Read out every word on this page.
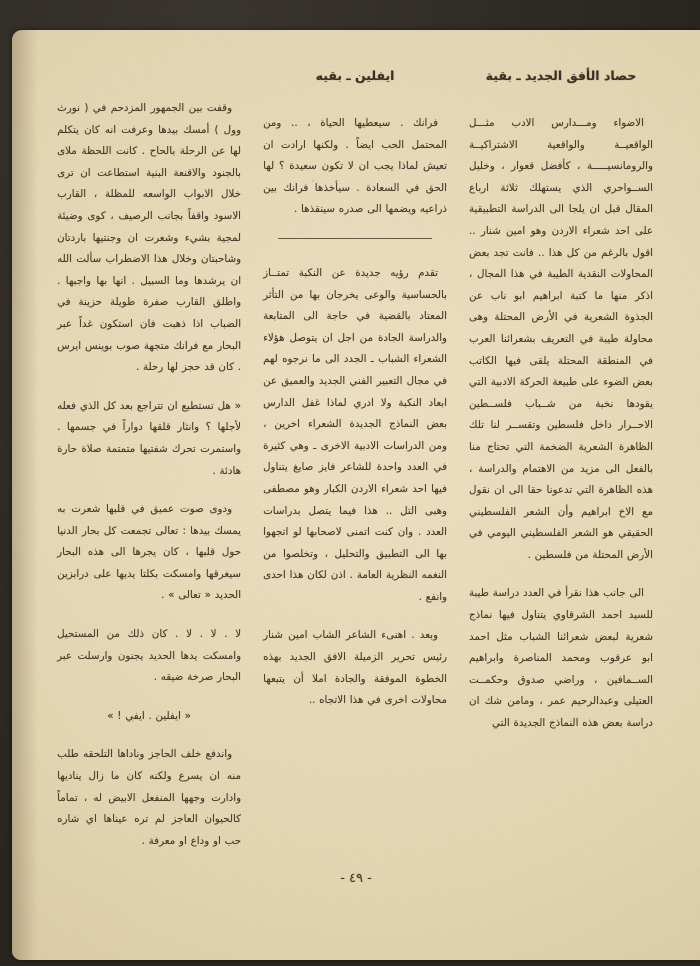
حصاد الأفق الجديد ـ بقية

الاضواء ومـــدارس الادب مثـــل الواقعيــة والواقعية الاشتراكيــة والرومانسيـــــة ، كأفضل قعوار ، وخليل الســواحري الذي يستهلك ثلاثة ارباع المقال قبل ان يلجا الى الدراسة التطبيقية على احد شعراء الاردن وهو امين شنار .. اقول بالرغم من كل هذا .. فانت تجد بعض المحاولات النقدية الطيبة في هذا المجال ، اذكر منها ما كتبة ابراهيم ابو ناب عن الجذوة الشعرية في الأرض المحتلة وهى محاولة طيبة في التعريف بشعرائنا العرب في المنطقة المحتلة يلقى فيها الكاتب بعض الضوء على طبيعة الحركة الادبية التي يقودها نخبة من شــباب فلســطين الاحــرار داخل فلسطين وتقســر لنا تلك الظاهرة الشعرية الضخمة التي تحتاج منا بالفعل الى مزيد من الاهتمام والدراسة ، هذه الظاهرة التي تدعونا حقا الى ان نقول مع الاخ ابراهيم وأن الشعر الفلسطيني الحقيقي هو الشعر الفلسطيني اليومي في الأرض المحتلة من فلسطين .

الى جانب هذا نقرأ في العدد دراسة طيبة للسيد احمد الشرقاوي يتناول فيها نماذج شعرية لبعض شعرائنا الشباب مثل احمد ابو عرقوب ومحمد المناصرة وابراهيم الســمافين ، وراضي صدوق وحكمــت العتيلى وعبدالرحيم عمر ، ومامن شك ان دراسة بعض هذه النماذج الجديدة التي

ايفلين ـ بقيه

فرانك . سيعطيها الحياة ، .. ومن المحتمل الحب ايضاً . ولكنها ارادت ان تعيش لماذا يجب ان لا تكون سعيدة ؟ لها الحق في السعادة . سيأخذها فرانك بين ذراعيه ويضمها الى صدره سينقذها .

تقدم رؤيه جديدة عن النكبة تمتــاز بالحساسية والوعى يخرجان بها من التأثر المعتاد بالقضية في حاجة الى المتابعة والدراسة الجادة من اجل ان يتوصل هؤلاء الشعراء الشباب ـ الجدد الى ما نرجوه لهم في مجال التعبير الفني الجديد والعميق عن ابعاد النكبة ولا ادري لماذا غفل الدارس بعض النماذج الجديدة الشعراء اخرين ، ومن الدراسات الادبية الاخرى ـ وهي كثيرة في العدد واحدة للشاعر فايز صايغ يتناول فيها احد شعراء الاردن الكبار وهو مصطفى وهبى التل .. هذا فيما يتصل بدراسات العدد . وان كنت اتمنى لاصحابها لو اتجهوا بها الى التطبيق والتحليل ، وتخلصوا من النغمه النظرية العامة . اذن لكان هذا احدى وانفع .

وبعد . اهنىء الشاعر الشاب امين شنار رئيس تحرير الزميلة الافق الجديد بهذه الخطوة الموفقة والجادة املا أن يتبعها محاولات اخرى في هذا الاتجاه ..

وقفت بين الجمهور المزدحم في ( نورث وول ) أمسك بيدها وعرفت انه كان يتكلم لها عن الرحلة بالحاح . كانت اللحظة ملاى بالجنود والاقنعة البنية استطاعت ان ترى خلال الابواب الواسعه للمظلة ، القارب الاسود واقفاً بجانب الرصيف ، كوى وضيئة لمجية بشيء وشعرت ان وجنتيها باردتان وشاحبتان وخلال هذا الاضطراب سألت الله ان يرشدها وما السبيل . انها بها واجبها . واطلق القارب صفرة طويلة حزينة في الضباب اذا ذهبت فان استكون غداً عبر البحار مع فرانك متجهة صوب بوينس ايرس . كان قد حجز لها رحلة .

« هل تستطيع ان تتراجع بعد كل الذي فعله لأجلها ؟ وانثار قلقها دواراً في جسمها . واستمرت تحرك شفتيها متمتمة صلاة حارة هادئة .

ودوى صوت عميق في قلبها شعرت به يمسك بيدها : تعالى تجمعت كل بحار الدنيا حول قلبها ، كان يجرها الى هذه البحار سيغرقها وامسكت بكلتا يديها على درابزين الحديد « تعالى » .

لا . لا . لا . كان ذلك من المستحيل وامسكت يدها الحديد يجنون وارسلت عبر البحار صرخة ضيقه .

« ايفلين . ايفي ! »

واندفع خلف الحاجز وناداها التلحقه طلب منه ان يسرع ولكنه كان ما زال يناديها وادارت وجهها المنفعل الابيض له ، تماماً كالحيوان العاجز لم تره عيناها اي شاره حب او وداع او معرفة .

- ٤٩ -
